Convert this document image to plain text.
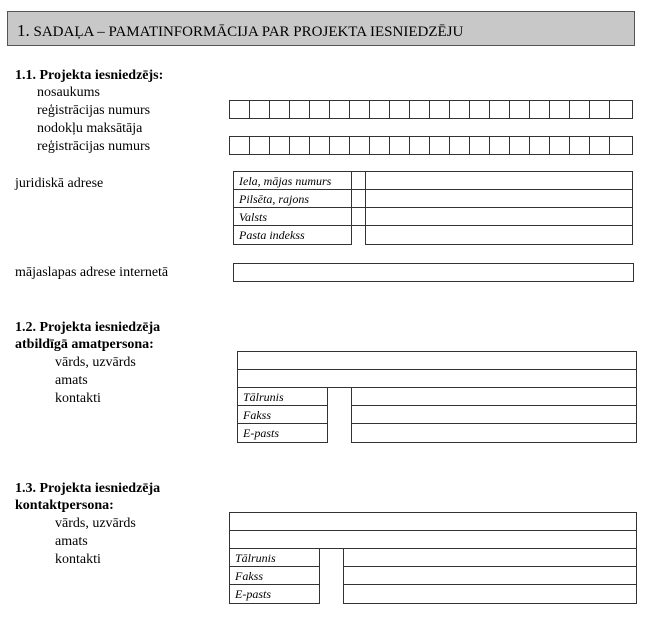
1. SADAĻA – PAMATINFORMĀCIJA PAR PROJEKTA IESNIEDZĒJU
1.1. Projekta iesniedzējs:
nosaukums
reģistrācijas numurs
nodokļu maksātāja
reģistrācijas numurs
juridiskā adrese	Iela, mājas numurs
Pilsēta, rajons
Valsts
Pasta indekss
mājaslapas adrese internetā
1.2. Projekta iesniedzēja
atbildīgā amatpersona:
vārds, uzvārds
amats
kontakti	Tālrunis
Fakss
E-pasts
1.3. Projekta iesniedzēja
kontaktpersona:
vārds, uzvārds
amats
kontakti	Tālrunis
Fakss
E-pasts
